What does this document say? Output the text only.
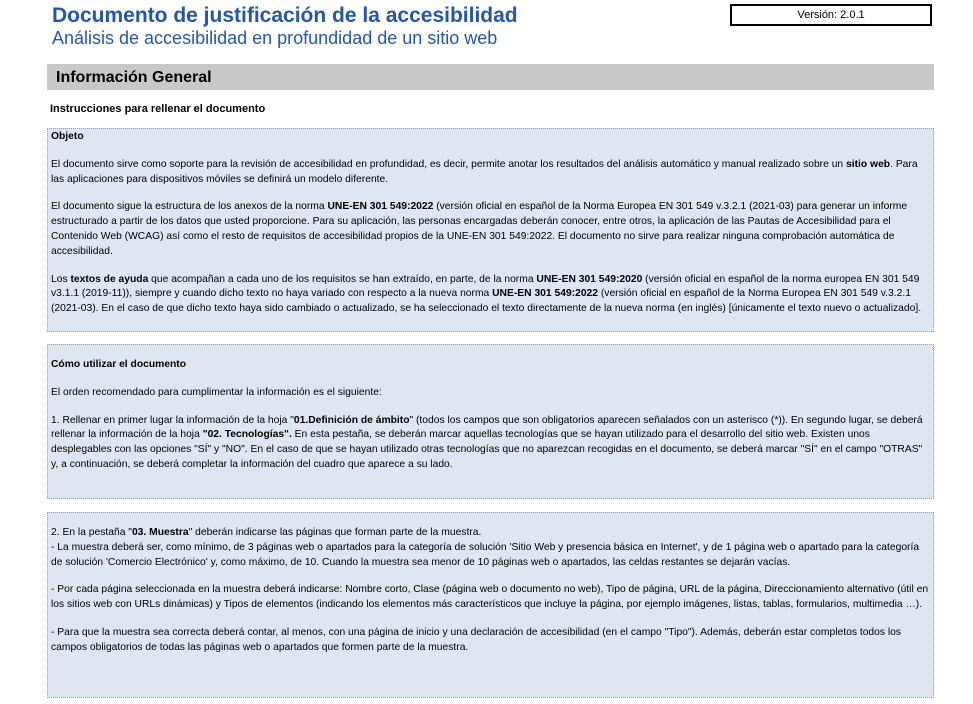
Documento de justificación de la accesibilidad
Análisis de accesibilidad en profundidad de un sitio web
Versión: 2.0.1
Información General
Instrucciones para rellenar el documento

Objeto

El documento sirve como soporte para la revisión de accesibilidad en profundidad, es decir, permite anotar los resultados del análisis automático y manual realizado sobre un sitio web. Para las aplicaciones para dispositivos móviles se definirá un modelo diferente.

El documento sigue la estructura de los anexos de la norma UNE-EN 301 549:2022 (versión oficial en español de la Norma Europea EN 301 549 v.3.2.1 (2021-03) para generar un informe estructurado a partir de los datos que usted proporcione. Para su aplicación, las personas encargadas deberán conocer, entre otros, la aplicación de las Pautas de Accesibilidad para el Contenido Web (WCAG) así como el resto de requisitos de accesibilidad propios de la UNE-EN 301 549:2022. El documento no sirve para realizar ninguna comprobación automática de accesibilidad.

Los textos de ayuda que acompañan a cada uno de los requisitos se han extraído, en parte, de la norma UNE-EN 301 549:2020 (versión oficial en español de la norma europea EN 301 549 v3.1.1 (2019-11)), siempre y cuando dicho texto no haya variado con respecto a la nueva norma UNE-EN 301 549:2022 (versión oficial en español de la Norma Europea EN 301 549 v.3.2.1 (2021-03). En el caso de que dicho texto haya sido cambiado o actualizado, se ha seleccionado el texto directamente de la nueva norma (en inglés) [únicamente el texto nuevo o actualizado].

Cómo utilizar el documento

El orden recomendado para cumplimentar la información es el siguiente:

1. Rellenar en primer lugar la información de la hoja "01.Definición de ámbito" (todos los campos que son obligatorios aparecen señalados con un asterisco (*)). En segundo lugar, se deberá rellenar la información de la hoja "02. Tecnologías". En esta pestaña, se deberán marcar aquellas tecnologías que se hayan utilizado para el desarrollo del sitio web. Existen unos desplegables con las opciones "SÍ" y "NO". En el caso de que se hayan utilizado otras tecnologías que no aparezcan recogidas en el documento, se deberá marcar "SÍ" en el campo "OTRAS" y, a continuación, se deberá completar la información del cuadro que aparece a su lado.

2. En la pestaña "03. Muestra" deberán indicarse las páginas que forman parte de la muestra.

- La muestra deberá ser, como mínimo, de 3 páginas web o apartados para la categoría de solución 'Sitio Web y presencia básica en Internet', y de 1 página web o apartado para la categoría de solución 'Comercio Electrónico' y, como máximo, de 10. Cuando la muestra sea menor de 10 páginas web o apartados, las celdas restantes se dejarán vacías.

- Por cada página seleccionada en la muestra deberá indicarse: Nombre corto, Clase (página web o documento no web), Tipo de página, URL de la página, Direccionamiento alternativo (útil en los sitios web con URLs dinámicas) y Tipos de elementos (indicando los elementos más característicos que incluye la página, por ejemplo imágenes, listas, tablas, formularios, multimedia …).

- Para que la muestra sea correcta deberá contar, al menos, con una página de inicio y una declaración de accesibilidad (en el campo "Tipo"). Además, deberán estar completos todos los campos obligatorios de todas las páginas web o apartados que formen parte de la muestra.
